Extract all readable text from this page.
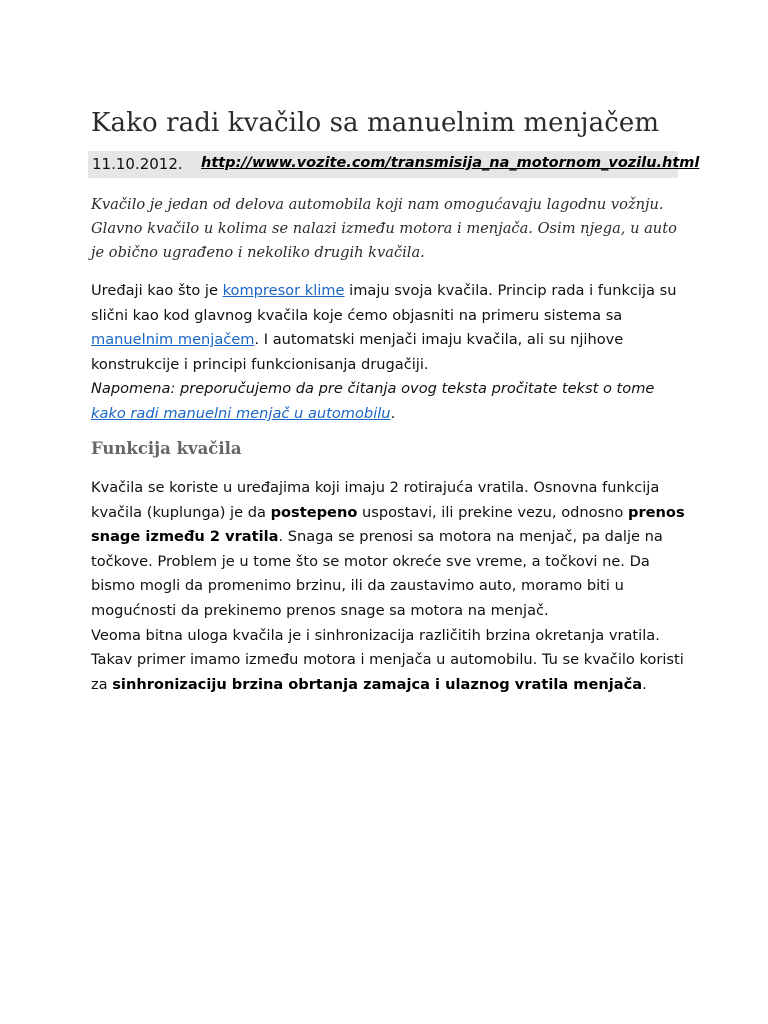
Kako radi kvačilo sa manuelnim menjačem
11.10.2012. http://www.vozite.com/transmisija_na_motornom_vozilu.html

Kvačilo je jedan od delova automobila koji nam omogućavaju lagodnu vožnju. Glavno kvačilo u kolima se nalazi između motora i menjača. Osim njega, u auto je obično ugrađeno i nekoliko drugih kvačila.

Uređaji kao što je kompresor klime imaju svoja kvačila. Princip rada i funkcija su slični kao kod glavnog kvačila koje ćemo objasniti na primeru sistema sa manuelnim menjačem. I automatski menjači imaju kvačila, ali su njihove konstrukcije i principi funkcionisanja drugačiji.
Napomena: preporučujemo da pre čitanja ovog teksta pročitate tekst o tome kako radi manuelni menjač u automobilu.

Funkcija kvačila

Kvačila se koriste u uređajima koji imaju 2 rotirajuća vratila. Osnovna funkcija kvačila (kuplunga) je da postepeno uspostavi, ili prekine vezu, odnosno prenos snage između 2 vratila. Snaga se prenosi sa motora na menjač, pa dalje na točkove. Problem je u tome što se motor okreće sve vreme, a točkovi ne. Da bismo mogli da promenimo brzinu, ili da zaustavimo auto, moramo biti u mogućnosti da prekinemo prenos snage sa motora na menjač.
Veoma bitna uloga kvačila je i sinhronizacija različitih brzina okretanja vratila. Takav primer imamo između motora i menjača u automobilu. Tu se kvačilo koristi za sinhronizaciju brzina obrtanja zamajca i ulaznog vratila menjača.
